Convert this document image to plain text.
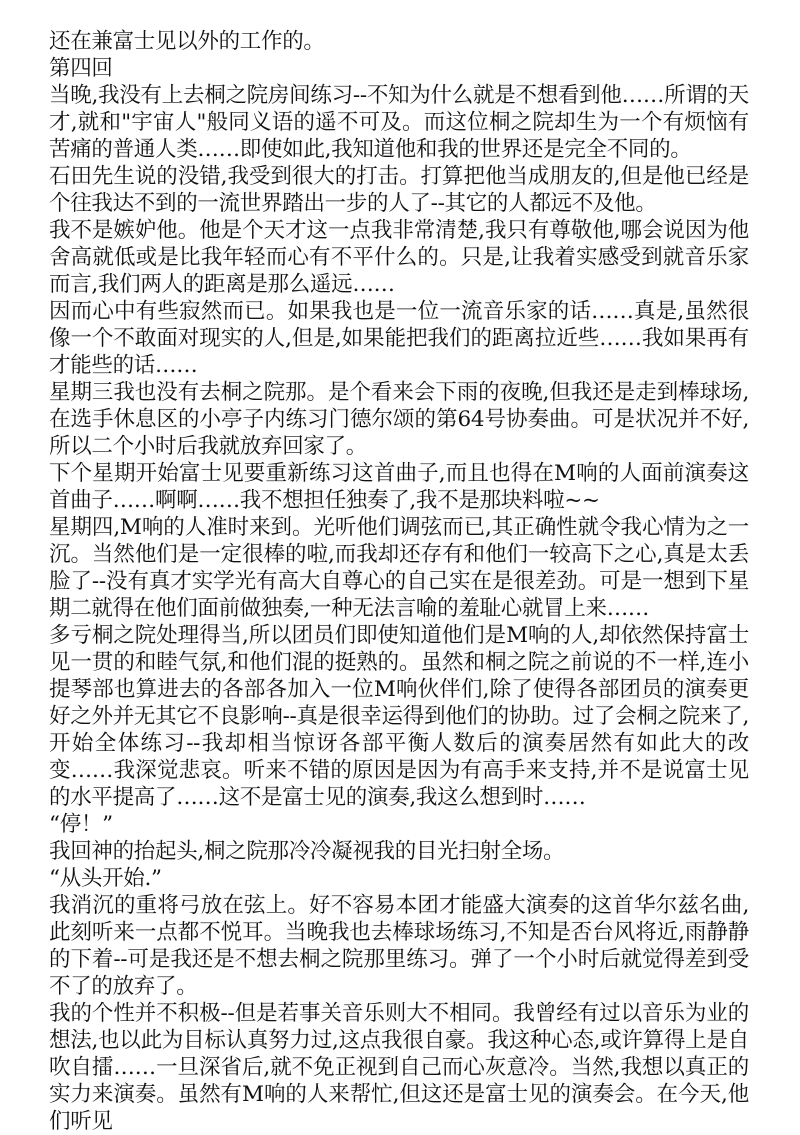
还在兼富士见以外的工作的。

第四回

当晚,我没有上去桐之院房间练习--不知为什么就是不想看到他……所谓的天才,就和"宇宙人"般同义语的遥不可及。而这位桐之院却生为一个有烦恼有苦痛的普通人类……即使如此,我知道他和我的世界还是完全不同的。

石田先生说的没错,我受到很大的打击。打算把他当成朋友的,但是他已经是个往我达不到的一流世界踏出一步的人了--其它的人都远不及他。

我不是嫉妒他。他是个天才这一点我非常清楚,我只有尊敬他,哪会说因为他舍高就低或是比我年轻而心有不平什么的。只是,让我着实感受到就音乐家而言,我们两人的距离是那么遥远……

因而心中有些寂然而已。如果我也是一位一流音乐家的话……真是,虽然很像一个不敢面对现实的人,但是,如果能把我们的距离拉近些……我如果再有才能些的话……

星期三我也没有去桐之院那。是个看来会下雨的夜晚,但我还是走到棒球场,在选手休息区的小亭子内练习门德尔颂的第64号协奏曲。可是状况并不好,所以二个小时后我就放弃回家了。

下个星期开始富士见要重新练习这首曲子,而且也得在M响的人面前演奏这首曲子……啊啊……我不想担任独奏了,我不是那块料啦~~

星期四,M响的人准时来到。光听他们调弦而已,其正确性就令我心情为之一沉。当然他们是一定很棒的啦,而我却还存有和他们一较高下之心,真是太丢脸了--没有真才实学光有高大自尊心的自己实在是很差劲。可是一想到下星期二就得在他们面前做独奏,一种无法言喻的羞耻心就冒上来……

多亏桐之院处理得当,所以团员们即使知道他们是M响的人,却依然保持富士见一贯的和睦气氛,和他们混的挺熟的。虽然和桐之院之前说的不一样,连小提琴部也算进去的各部各加入一位M响伙伴们,除了使得各部团员的演奏更好之外并无其它不良影响--真是很幸运得到他们的协助。过了会桐之院来了,开始全体练习--我却相当惊讶各部平衡人数后的演奏居然有如此大的改变……我深觉悲哀。听来不错的原因是因为有高手来支持,并不是说富士见的水平提高了……这不是富士见的演奏,我这么想到时……

“停！”

我回神的抬起头,桐之院那冷冷凝视我的目光扫射全场。

“从头开始.”

我消沉的重将弓放在弦上。好不容易本团才能盛大演奏的这首华尔兹名曲,此刻听来一点都不悦耳。当晚我也去棒球场练习,不知是否台风将近,雨静静的下着--可是我还是不想去桐之院那里练习。弹了一个小时后就觉得差到受不了的放弃了。

我的个性并不积极--但是若事关音乐则大不相同。我曾经有过以音乐为业的想法,也以此为目标认真努力过,这点我很自豪。我这种心态,或许算得上是自吹自擂……一旦深省后,就不免正视到自己而心灰意冷。当然,我想以真正的实力来演奏。虽然有M响的人来帮忙,但这还是富士见的演奏会。在今天,他们听见
